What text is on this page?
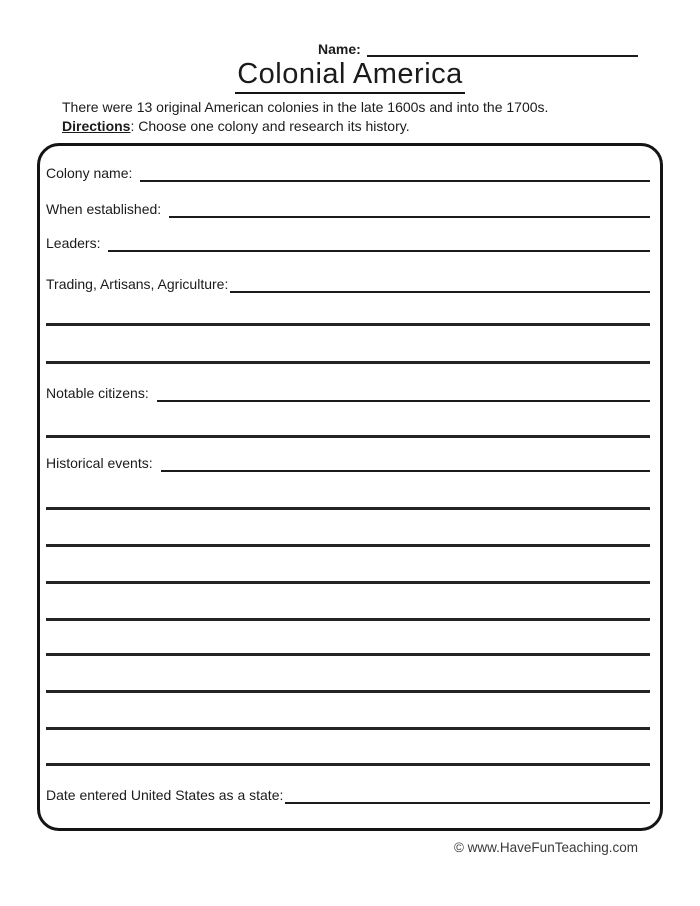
Name:
Colonial America
There were 13 original American colonies in the late 1600s and into the 1700s.
Directions: Choose one colony and research its history.
Colony name:
When established:
Leaders:
Trading, Artisans, Agriculture:
Notable citizens:
Historical events:
Date entered United States as a state:
© www.HaveFunTeaching.com
